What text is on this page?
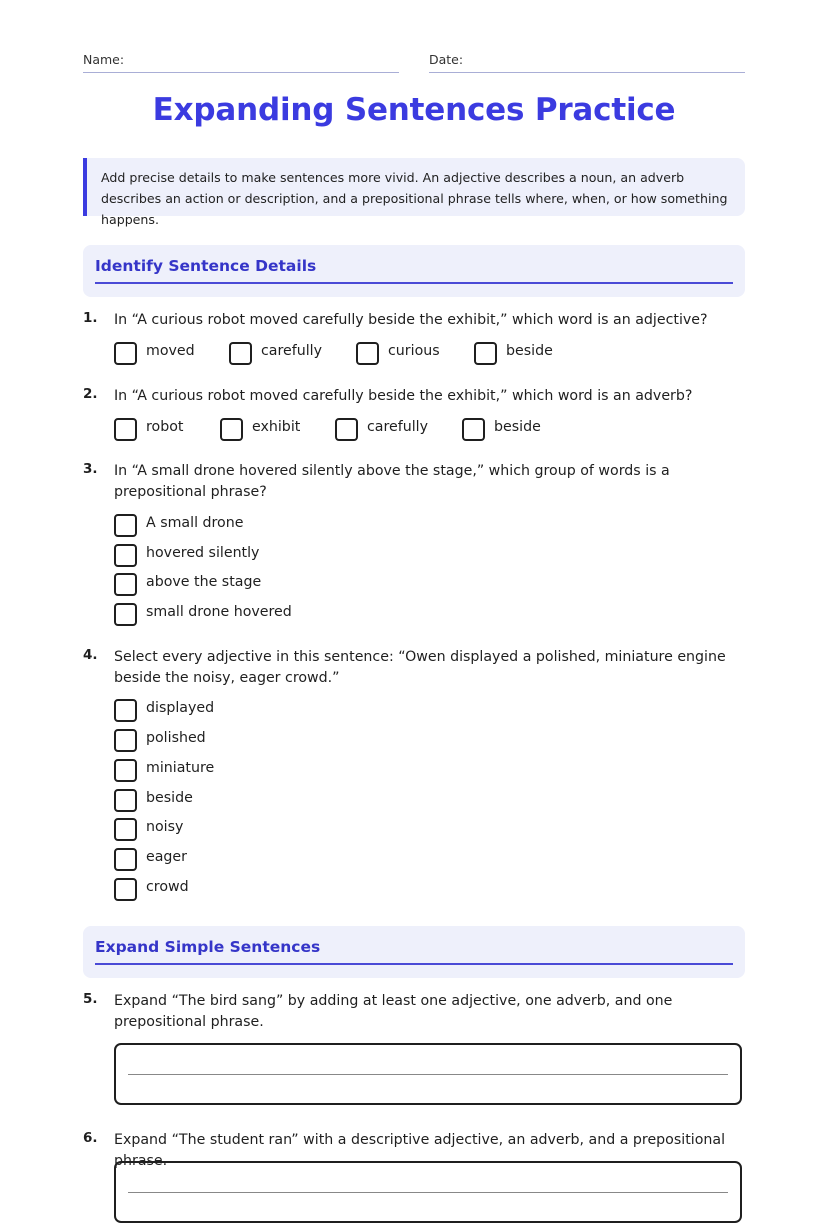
Name:	Date:
Expanding Sentences Practice
Add precise details to make sentences more vivid. An adjective describes a noun, an adverb describes an action or description, and a prepositional phrase tells where, when, or how something happens.
Identify Sentence Details
1. In “A curious robot moved carefully beside the exhibit,” which word is an adjective?
moved	carefully	curious	beside
2. In “A curious robot moved carefully beside the exhibit,” which word is an adverb?
robot	exhibit	carefully	beside
3. In “A small drone hovered silently above the stage,” which group of words is a prepositional phrase?
A small drone
hovered silently
above the stage
small drone hovered
4. Select every adjective in this sentence: “Owen displayed a polished, miniature engine beside the noisy, eager crowd.”
displayed
polished
miniature
beside
noisy
eager
crowd
Expand Simple Sentences
5. Expand “The bird sang” by adding at least one adjective, one adverb, and one prepositional phrase.
6. Expand “The student ran” with a descriptive adjective, an adverb, and a prepositional phrase.
